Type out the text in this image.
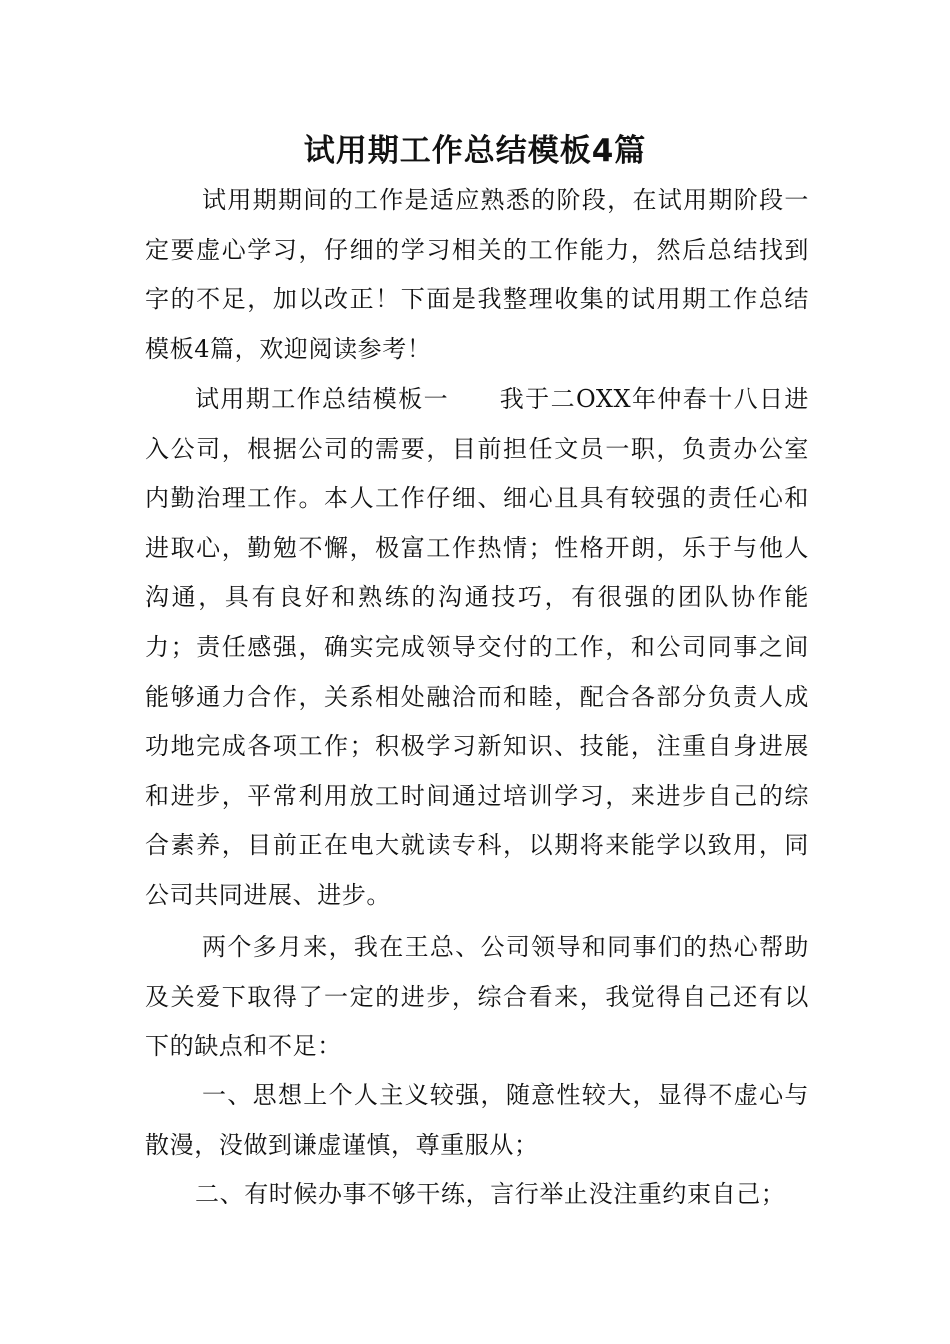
试用期工作总结模板4篇

试用期期间的工作是适应熟悉的阶段，在试用期阶段一定要虚心学习，仔细的学习相关的工作能力，然后总结找到字的不足，加以改正！下面是我整理收集的试用期工作总结模板4篇，欢迎阅读参考！

试用期工作总结模板一　　我于二OXX年仲春十八日进入公司，根据公司的需要，目前担任文员一职，负责办公室内勤治理工作。本人工作仔细、细心且具有较强的责任心和进取心，勤勉不懈，极富工作热情；性格开朗，乐于与他人沟通，具有良好和熟练的沟通技巧，有很强的团队协作能力；责任感强，确实完成领导交付的工作，和公司同事之间能够通力合作，关系相处融洽而和睦，配合各部分负责人成功地完成各项工作；积极学习新知识、技能，注重自身进展和进步，平常利用放工时间通过培训学习，来进步自己的综合素养，目前正在电大就读专科，以期将来能学以致用，同公司共同进展、进步。

两个多月来，我在王总、公司领导和同事们的热心帮助及关爱下取得了一定的进步，综合看来，我觉得自己还有以下的缺点和不足：

一、思想上个人主义较强，随意性较大，显得不虚心与散漫，没做到谦虚谨慎，尊重服从；

二、有时候办事不够干练，言行举止没注重约束自己；
